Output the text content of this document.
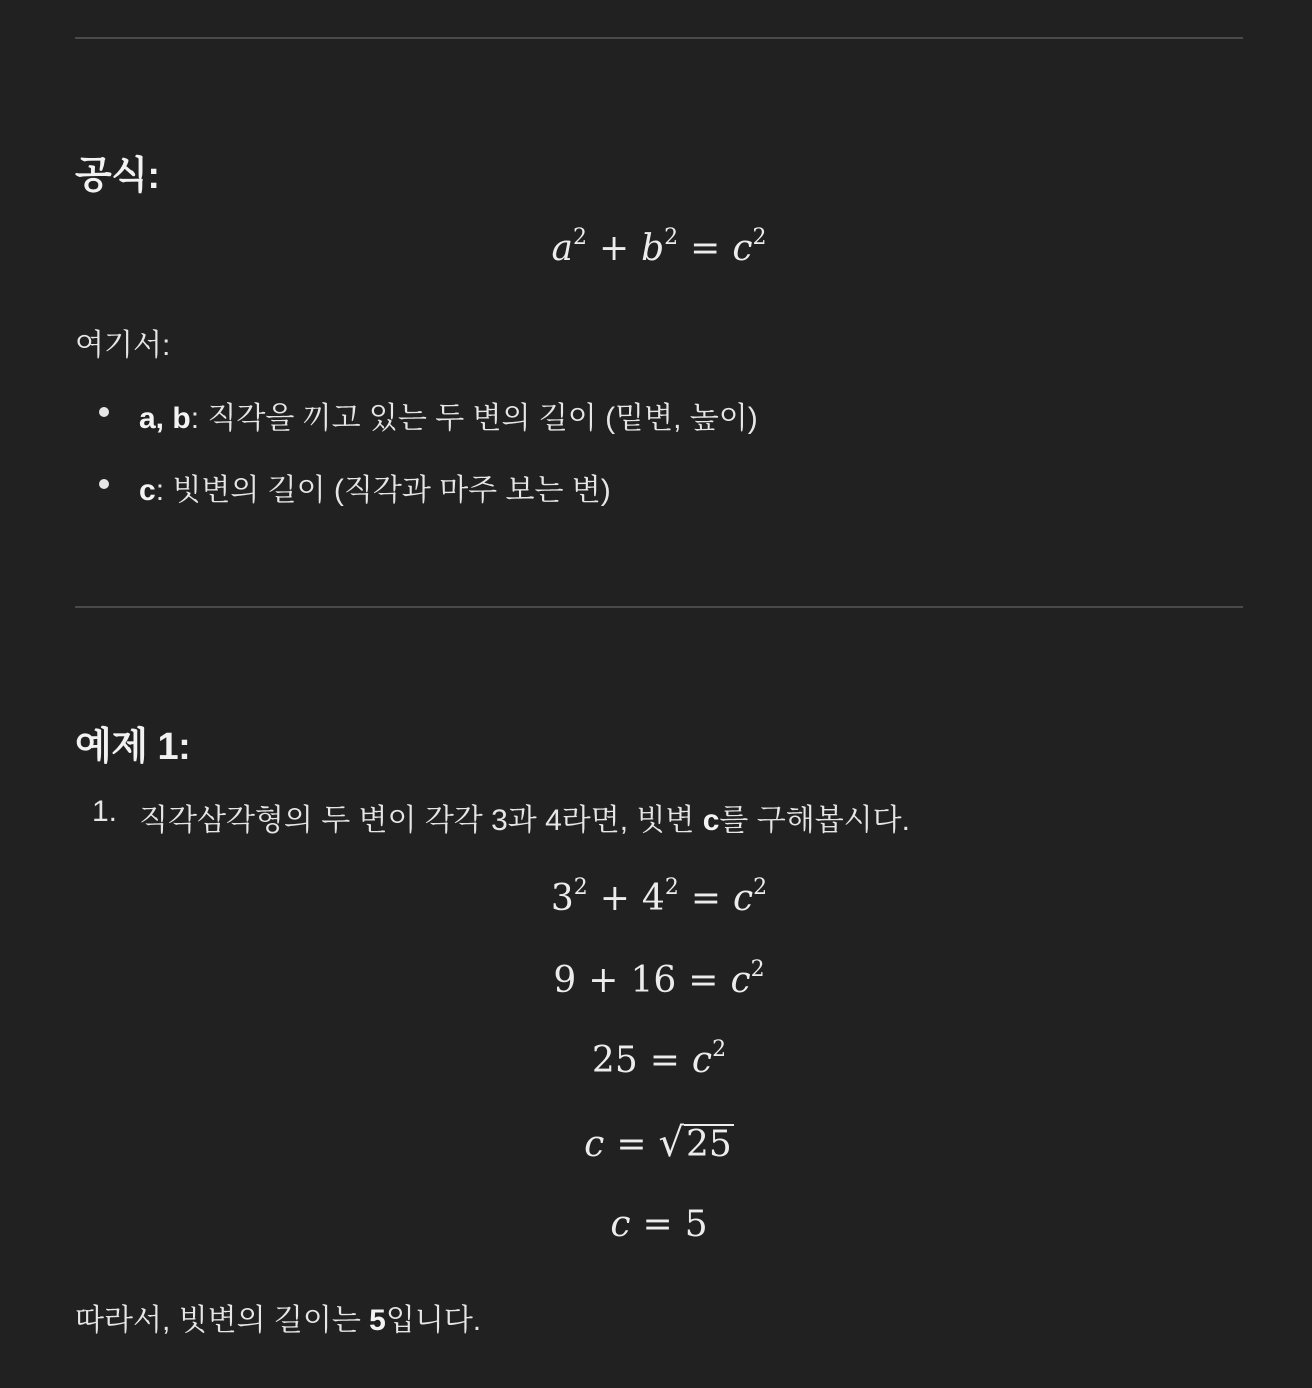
공식:
$a^2 + b^2 = c^2$
여기서:
a, b: 직각을 끼고 있는 두 변의 길이 (밑변, 높이)
c: 빗변의 길이 (직각과 마주 보는 변)
예제 1:
1. 직각삼각형의 두 변이 각각 3과 4라면, 빗변 c를 구해봅시다.
$3^2 + 4^2 = c^2$
$9 + 16 = c^2$
$25 = c^2$
c = √25
c = 5
따라서, 빗변의 길이는 5입니다.
